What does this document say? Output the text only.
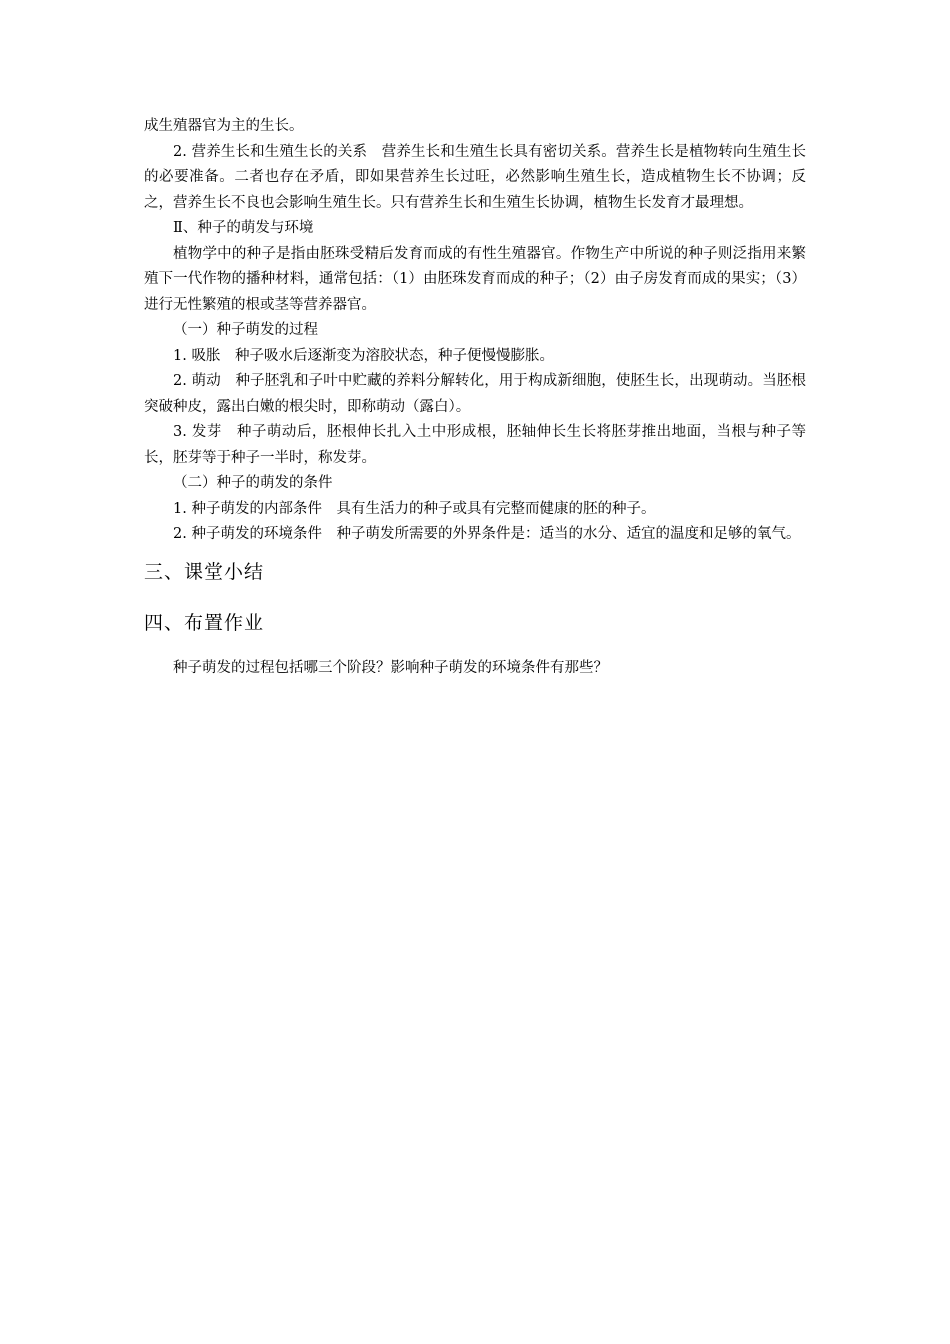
成生殖器官为主的生长。

2. 营养生长和生殖生长的关系　营养生长和生殖生长具有密切关系。营养生长是植物转向生殖生长的必要准备。二者也存在矛盾，即如果营养生长过旺，必然影响生殖生长，造成植物生长不协调；反之，营养生长不良也会影响生殖生长。只有营养生长和生殖生长协调，植物生长发育才最理想。

Ⅱ、种子的萌发与环境

植物学中的种子是指由胚珠受精后发育而成的有性生殖器官。作物生产中所说的种子则泛指用来繁殖下一代作物的播种材料，通常包括：（1）由胚珠发育而成的种子；（2）由子房发育而成的果实；（3）进行无性繁殖的根或茎等营养器官。

（一）种子萌发的过程

1. 吸胀　种子吸水后逐渐变为溶胶状态，种子便慢慢膨胀。

2. 萌动　种子胚乳和子叶中贮藏的养料分解转化，用于构成新细胞，使胚生长，出现萌动。当胚根突破种皮，露出白嫩的根尖时，即称萌动（露白）。

3. 发芽　种子萌动后，胚根伸长扎入土中形成根，胚轴伸长生长将胚芽推出地面，当根与种子等长，胚芽等于种子一半时，称发芽。

（二）种子的萌发的条件

1. 种子萌发的内部条件　具有生活力的种子或具有完整而健康的胚的种子。

2. 种子萌发的环境条件　种子萌发所需要的外界条件是：适当的水分、适宜的温度和足够的氧气。

三、课堂小结

四、布置作业

种子萌发的过程包括哪三个阶段？影响种子萌发的环境条件有那些？
